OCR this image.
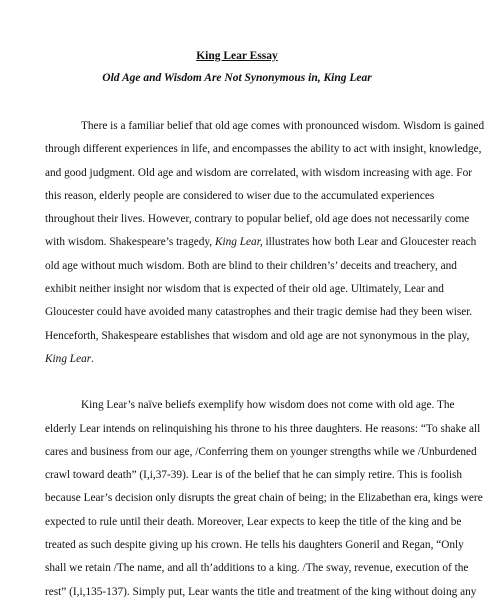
King Lear Essay
Old Age and Wisdom Are Not Synonymous in, King Lear
There is a familiar belief that old age comes with pronounced wisdom. Wisdom is gained
through different experiences in life, and encompasses the ability to act with insight, knowledge,
and good judgment. Old age and wisdom are correlated, with wisdom increasing with age. For
this reason, elderly people are considered to wiser due to the accumulated experiences
throughout their lives. However, contrary to popular belief, old age does not necessarily come
with wisdom. Shakespeare’s tragedy, King Lear, illustrates how both Lear and Gloucester reach
old age without much wisdom. Both are blind to their children’s’ deceits and treachery, and
exhibit neither insight nor wisdom that is expected of their old age. Ultimately, Lear and
Gloucester could have avoided many catastrophes and their tragic demise had they been wiser.
Henceforth, Shakespeare establishes that wisdom and old age are not synonymous in the play,
King Lear.
King Lear’s naïve beliefs exemplify how wisdom does not come with old age. The
elderly Lear intends on relinquishing his throne to his three daughters. He reasons: “To shake all
cares and business from our age, /Conferring them on younger strengths while we /Unburdened
crawl toward death” (I,i,37-39). Lear is of the belief that he can simply retire. This is foolish
because Lear’s decision only disrupts the great chain of being; in the Elizabethan era, kings were
expected to rule until their death. Moreover, Lear expects to keep the title of the king and be
treated as such despite giving up his crown. He tells his daughters Goneril and Regan, “Only
shall we retain /The name, and all th’additions to a king. /The sway, revenue, execution of the
rest” (I,i,135-137). Simply put, Lear wants the title and treatment of the king without doing any
